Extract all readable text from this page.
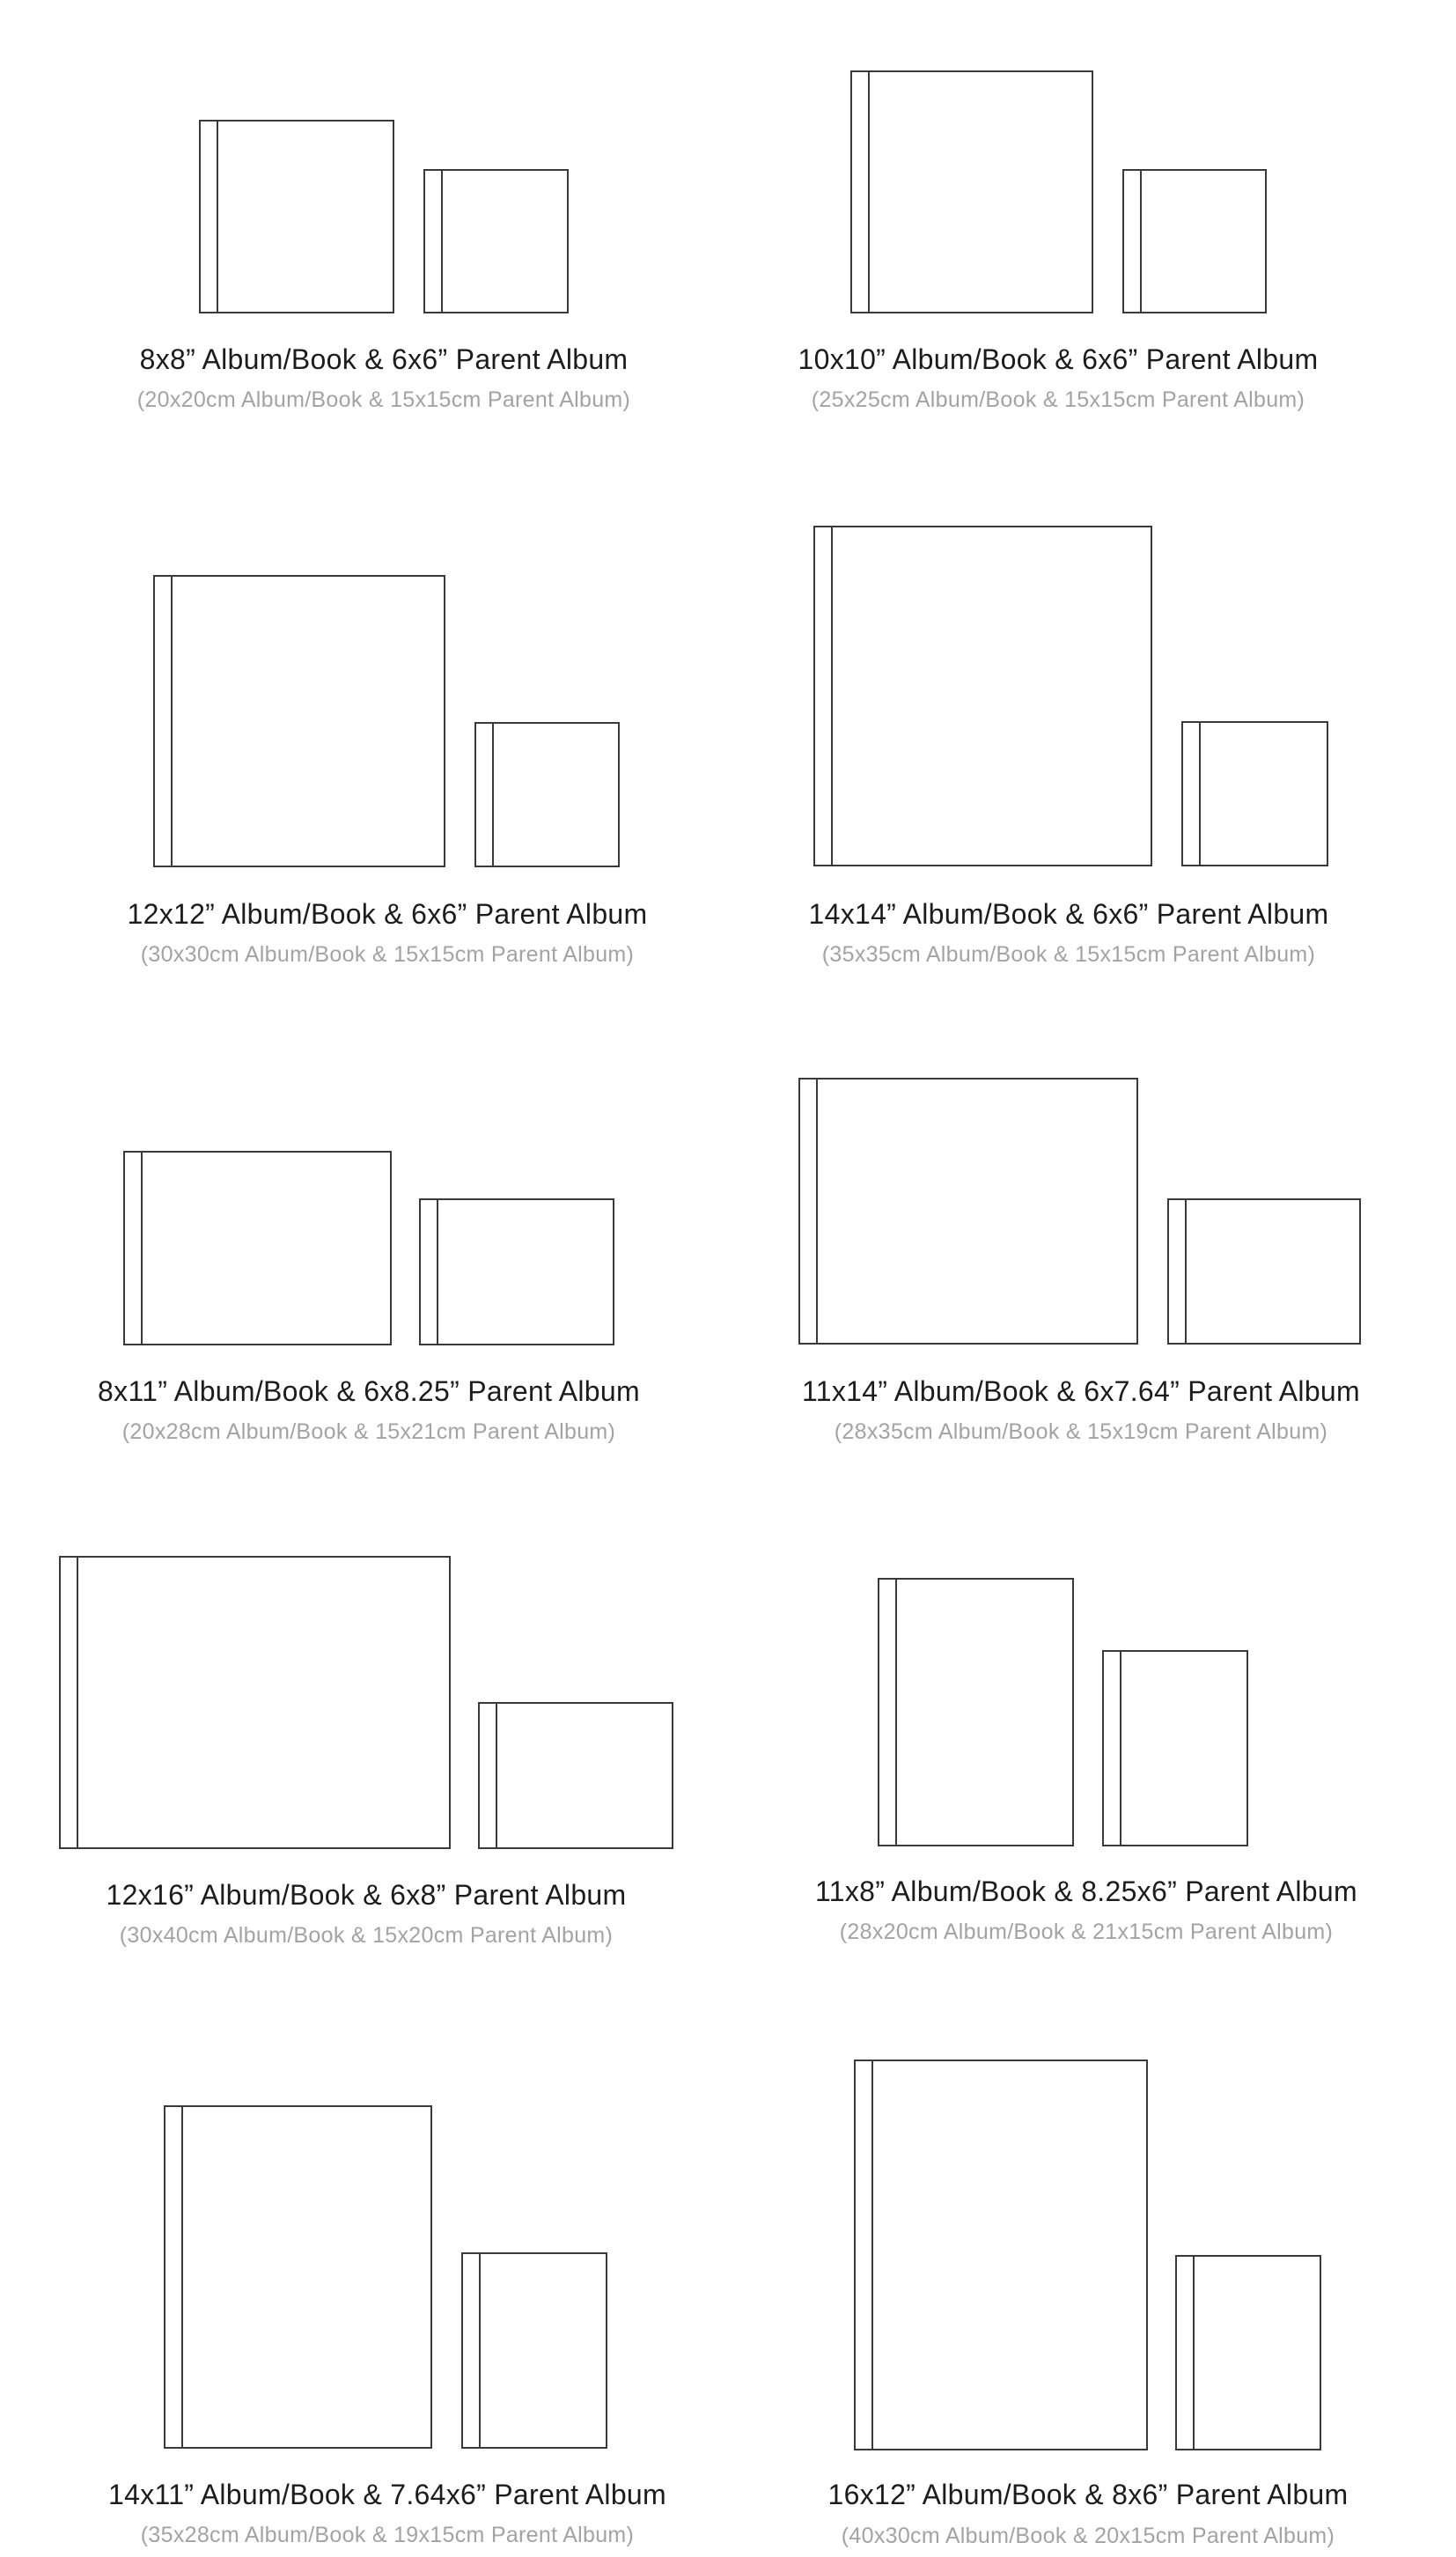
8x8” Album/Book & 6x6” Parent Album
(20x20cm Album/Book & 15x15cm Parent Album)
10x10” Album/Book & 6x6” Parent Album
(25x25cm Album/Book & 15x15cm Parent Album)
12x12” Album/Book & 6x6” Parent Album
(30x30cm Album/Book & 15x15cm Parent Album)
14x14” Album/Book & 6x6” Parent Album
(35x35cm Album/Book & 15x15cm Parent Album)
8x11” Album/Book & 6x8.25” Parent Album
(20x28cm Album/Book & 15x21cm Parent Album)
11x14” Album/Book & 6x7.64” Parent Album
(28x35cm Album/Book & 15x19cm Parent Album)
12x16” Album/Book & 6x8” Parent Album
(30x40cm Album/Book & 15x20cm Parent Album)
11x8” Album/Book & 8.25x6” Parent Album
(28x20cm Album/Book & 21x15cm Parent Album)
14x11” Album/Book & 7.64x6” Parent Album
(35x28cm Album/Book & 19x15cm Parent Album)
16x12” Album/Book & 8x6” Parent Album
(40x30cm Album/Book & 20x15cm Parent Album)
